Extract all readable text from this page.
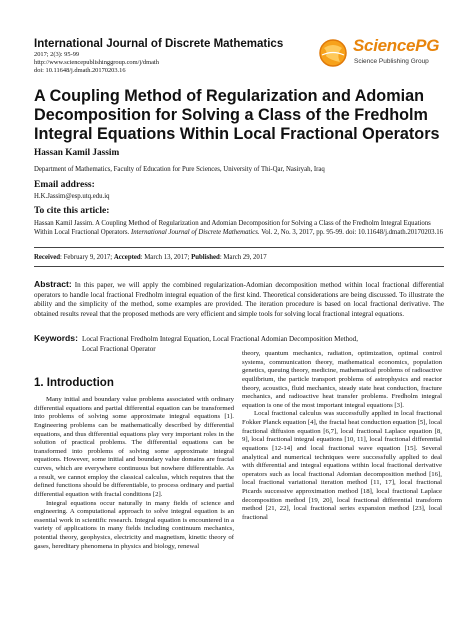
International Journal of Discrete Mathematics
2017; 2(3): 95-99
http://www.sciencepublishinggroup.com/j/dmath
doi: 10.11648/j.dmath.20170203.16
SciencePG
Science Publishing Group
A Coupling Method of Regularization and Adomian Decomposition for Solving a Class of the Fredholm Integral Equations Within Local Fractional Operators
Hassan Kamil Jassim
Department of Mathematics, Faculty of Education for Pure Sciences, University of Thi-Qar, Nasiryah, Iraq
Email address:
H.K.Jassim@esp.utq.edu.iq
To cite this article:
Hassan Kamil Jassim. A Coupling Method of Regularization and Adomian Decomposition for Solving a Class of the Fredholm Integral Equations Within Local Fractional Operators. International Journal of Discrete Mathematics. Vol. 2, No. 3, 2017, pp. 95-99. doi: 10.11648/j.dmath.20170203.16
Received: February 9, 2017; Accepted: March 13, 2017; Published: March 29, 2017
Abstract: In this paper, we will apply the combined regularization-Adomian decomposition method within local fractional differential operators to handle local fractional Fredholm integral equation of the first kind. Theoretical considerations are being discussed. To illustrate the ability and the simplicity of the method, some examples are provided. The iteration procedure is based on local fractional derivative. The obtained results reveal that the proposed methods are very efficient and simple tools for solving local fractional integral equations.
Keywords: Local Fractional Fredholm Integral Equation, Local Fractional Adomian Decomposition Method,
Local Fractional Operator
1. Introduction

Many initial and boundary value problems associated with ordinary differential equations and partial differential equation can be transformed into problems of solving some approximate integral equations [1]. Engineering problems can be mathematically described by differential equations, and thus differential equations play very important roles in the solution of practical problems. The differential equations can be transformed into problems of solving some approximate integral equations. However, some initial and boundary value domains are fractal curves, which are everywhere continuous but nowhere differentiable. As a result, we cannot employ the classical calculus, which requires that the defined functions should be differentiable, to process ordinary and partial differential equation with fractal conditions [2].

Integral equations occur naturally in many fields of science and engineering. A computational approach to solve integral equation is an essential work in scientific research. Integral equation is encountered in a variety of applications in many fields including continuum mechanics, potential theory, geophysics, electricity and magnetism, kinetic theory of gases, hereditary phenomena in physics and biology, renewal

theory, quantum mechanics, radiation, optimization, optimal control systems, communication theory, mathematical economics, population genetics, queuing theory, medicine, mathematical problems of radioactive equilibrium, the particle transport problems of astrophysics and reactor theory, acoustics, fluid mechanics, steady state heat conduction, fracture mechanics, and radioactive heat transfer problems. Fredholm integral equation is one of the most important integral equations [3].

Local fractional calculus was successfully applied in local fractional Fokker Planck equation [4], the fractal heat conduction equation [5], local fractional diffusion equation [6,7], local fractional Laplace equation [8, 9], local fractional integral equations [10, 11], local fractional differential equations [12-14] and local fractional wave equation [15]. Several analytical and numerical techniques were successfully applied to deal with differential and integral equations within local fractional derivative operators such as local fractional Adomian decomposition method [16], local fractional variational iteration method [11, 17], local fractional Picards successive approximation method [18], local fractional Laplace decomposition method [19, 20], local fractional differential transform method [21, 22], local fractional series expansion method [23], local fractional
